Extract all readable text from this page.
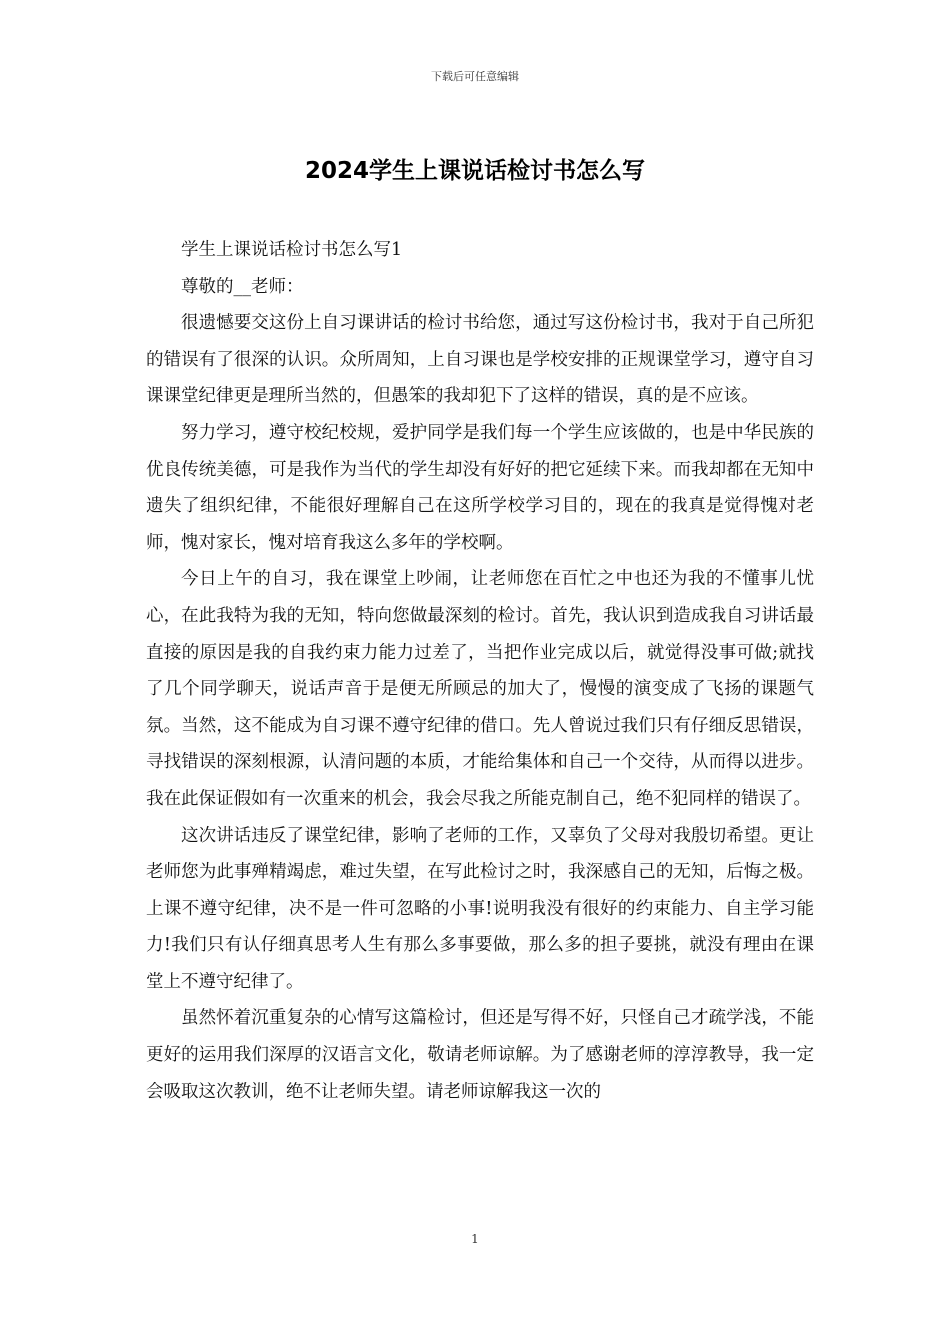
下载后可任意编辑
2024学生上课说话检讨书怎么写

学生上课说话检讨书怎么写1

尊敬的__老师：

很遗憾要交这份上自习课讲话的检讨书给您，通过写这份检讨书，我对于自己所犯的错误有了很深的认识。众所周知，上自习课也是学校安排的正规课堂学习，遵守自习课课堂纪律更是理所当然的，但愚笨的我却犯下了这样的错误，真的是不应该。

努力学习，遵守校纪校规，爱护同学是我们每一个学生应该做的，也是中华民族的优良传统美德，可是我作为当代的学生却没有好好的把它延续下来。而我却都在无知中遗失了组织纪律，不能很好理解自己在这所学校学习目的，现在的我真是觉得愧对老师，愧对家长，愧对培育我这么多年的学校啊。

今日上午的自习，我在课堂上吵闹，让老师您在百忙之中也还为我的不懂事儿忧心，在此我特为我的无知，特向您做最深刻的检讨。首先，我认识到造成我自习讲话最直接的原因是我的自我约束力能力过差了，当把作业完成以后，就觉得没事可做;就找了几个同学聊天，说话声音于是便无所顾忌的加大了，慢慢的演变成了飞扬的课题气氛。当然，这不能成为自习课不遵守纪律的借口。先人曾说过我们只有仔细反思错误，寻找错误的深刻根源，认清问题的本质，才能给集体和自己一个交待，从而得以进步。我在此保证假如有一次重来的机会，我会尽我之所能克制自己，绝不犯同样的错误了。

这次讲话违反了课堂纪律，影响了老师的工作，又辜负了父母对我殷切希望。更让老师您为此事殚精竭虑，难过失望，在写此检讨之时，我深感自己的无知，后悔之极。上课不遵守纪律，决不是一件可忽略的小事!说明我没有很好的约束能力、自主学习能力!我们只有认仔细真思考人生有那么多事要做，那么多的担子要挑，就没有理由在课堂上不遵守纪律了。

虽然怀着沉重复杂的心情写这篇检讨，但还是写得不好，只怪自己才疏学浅，不能更好的运用我们深厚的汉语言文化，敬请老师谅解。为了感谢老师的淳淳教导，我一定会吸取这次教训，绝不让老师失望。请老师谅解我这一次的

1
